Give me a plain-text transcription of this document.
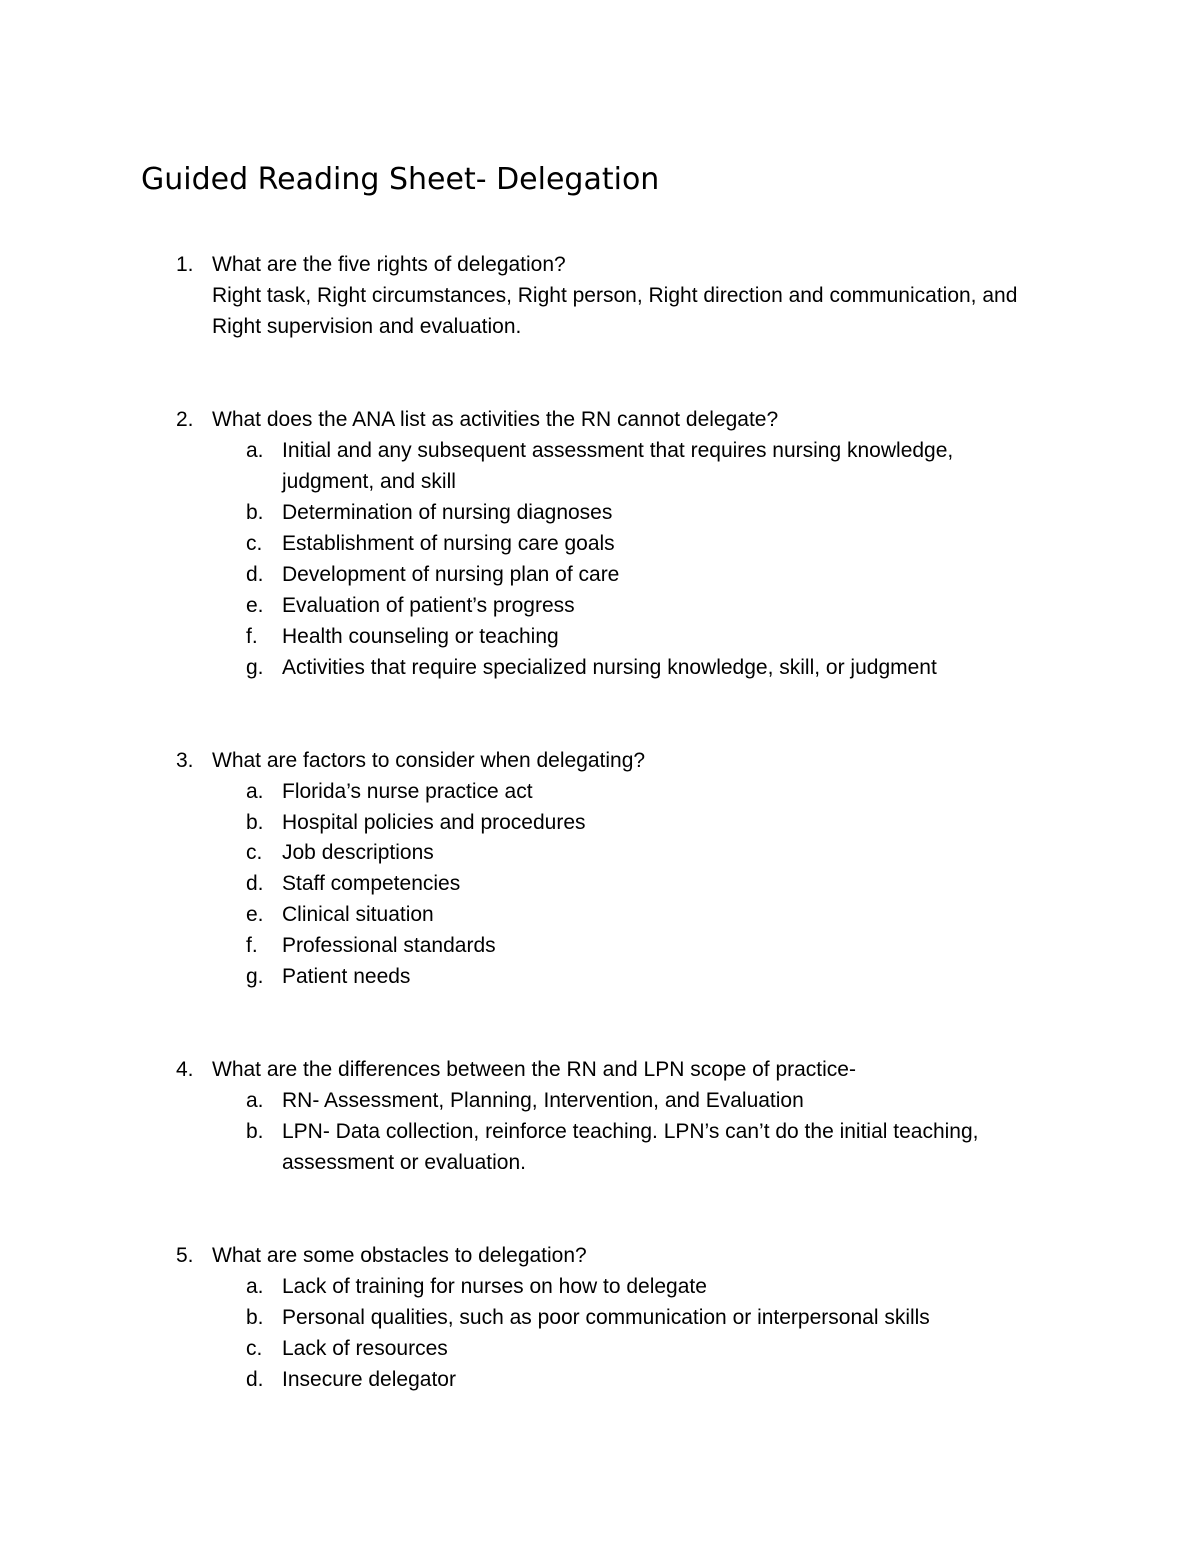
Guided Reading Sheet- Delegation
1. What are the five rights of delegation?
Right task, Right circumstances, Right person, Right direction and communication, and
Right supervision and evaluation.
2. What does the ANA list as activities the RN cannot delegate?
a. Initial and any subsequent assessment that requires nursing knowledge,
judgment, and skill
b. Determination of nursing diagnoses
c. Establishment of nursing care goals
d. Development of nursing plan of care
e. Evaluation of patient’s progress
f. Health counseling or teaching
g. Activities that require specialized nursing knowledge, skill, or judgment
3. What are factors to consider when delegating?
a. Florida’s nurse practice act
b. Hospital policies and procedures
c. Job descriptions
d. Staff competencies
e. Clinical situation
f. Professional standards
g. Patient needs
4. What are the differences between the RN and LPN scope of practice-
a. RN- Assessment, Planning, Intervention, and Evaluation
b. LPN- Data collection, reinforce teaching. LPN’s can’t do the initial teaching,
assessment or evaluation.
5. What are some obstacles to delegation?
a. Lack of training for nurses on how to delegate
b. Personal qualities, such as poor communication or interpersonal skills
c. Lack of resources
d. Insecure delegator
